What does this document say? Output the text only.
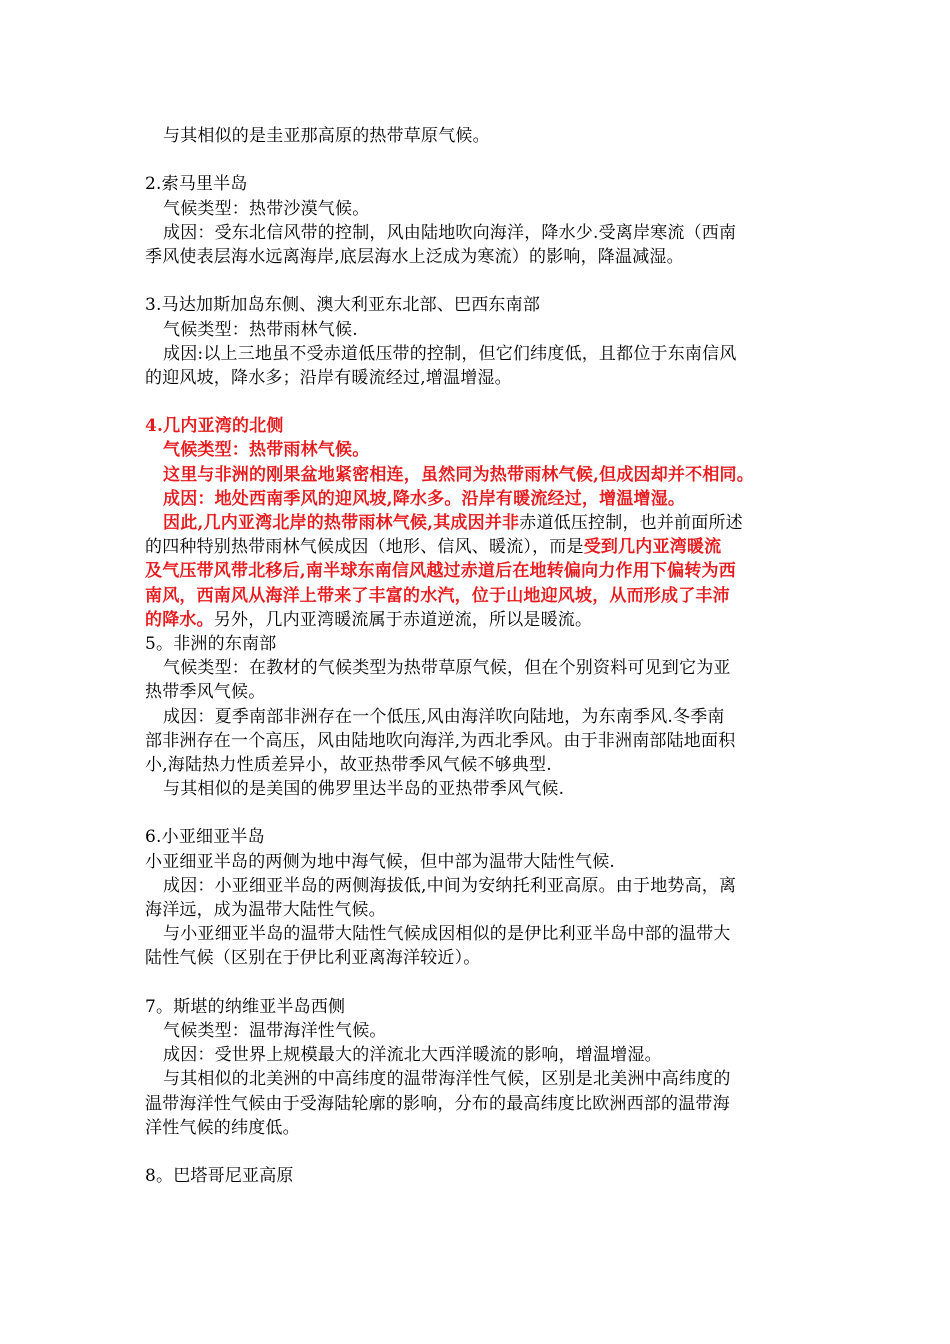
与其相似的是圭亚那高原的热带草原气候。
2.索马里半岛
气候类型：热带沙漠气候。
成因：受东北信风带的控制，风由陆地吹向海洋，降水少.受离岸寒流（西南
季风使表层海水远离海岸,底层海水上泛成为寒流）的影响，降温减湿。
3.马达加斯加岛东侧、澳大利亚东北部、巴西东南部
气候类型：热带雨林气候.
成因:以上三地虽不受赤道低压带的控制，但它们纬度低，且都位于东南信风
的迎风坡，降水多；沿岸有暖流经过,增温增湿。
4.几内亚湾的北侧
气候类型：热带雨林气候。
这里与非洲的刚果盆地紧密相连，虽然同为热带雨林气候,但成因却并不相同。
成因：地处西南季风的迎风坡,降水多。沿岸有暖流经过，增温增湿。
因此,几内亚湾北岸的热带雨林气候,其成因并非赤道低压控制，也并前面所述
的四种特别热带雨林气候成因（地形、信风、暖流），而是受到几内亚湾暖流
及气压带风带北移后,南半球东南信风越过赤道后在地转偏向力作用下偏转为西
南风，西南风从海洋上带来了丰富的水汽，位于山地迎风坡，从而形成了丰沛
的降水。另外，几内亚湾暖流属于赤道逆流，所以是暖流。
5。非洲的东南部
气候类型：在教材的气候类型为热带草原气候，但在个别资料可见到它为亚
热带季风气候。
成因：夏季南部非洲存在一个低压,风由海洋吹向陆地，为东南季风.冬季南
部非洲存在一个高压，风由陆地吹向海洋,为西北季风。由于非洲南部陆地面积
小,海陆热力性质差异小，故亚热带季风气候不够典型.
与其相似的是美国的佛罗里达半岛的亚热带季风气候.
6.小亚细亚半岛
小亚细亚半岛的两侧为地中海气候，但中部为温带大陆性气候.
成因：小亚细亚半岛的两侧海拔低,中间为安纳托利亚高原。由于地势高，离
海洋远，成为温带大陆性气候。
与小亚细亚半岛的温带大陆性气候成因相似的是伊比利亚半岛中部的温带大
陆性气候（区别在于伊比利亚离海洋较近）。
7。斯堪的纳维亚半岛西侧
气候类型：温带海洋性气候。
成因：受世界上规模最大的洋流北大西洋暖流的影响，增温增湿。
与其相似的北美洲的中高纬度的温带海洋性气候，区别是北美洲中高纬度的
温带海洋性气候由于受海陆轮廓的影响，分布的最高纬度比欧洲西部的温带海
洋性气候的纬度低。
8。巴塔哥尼亚高原
